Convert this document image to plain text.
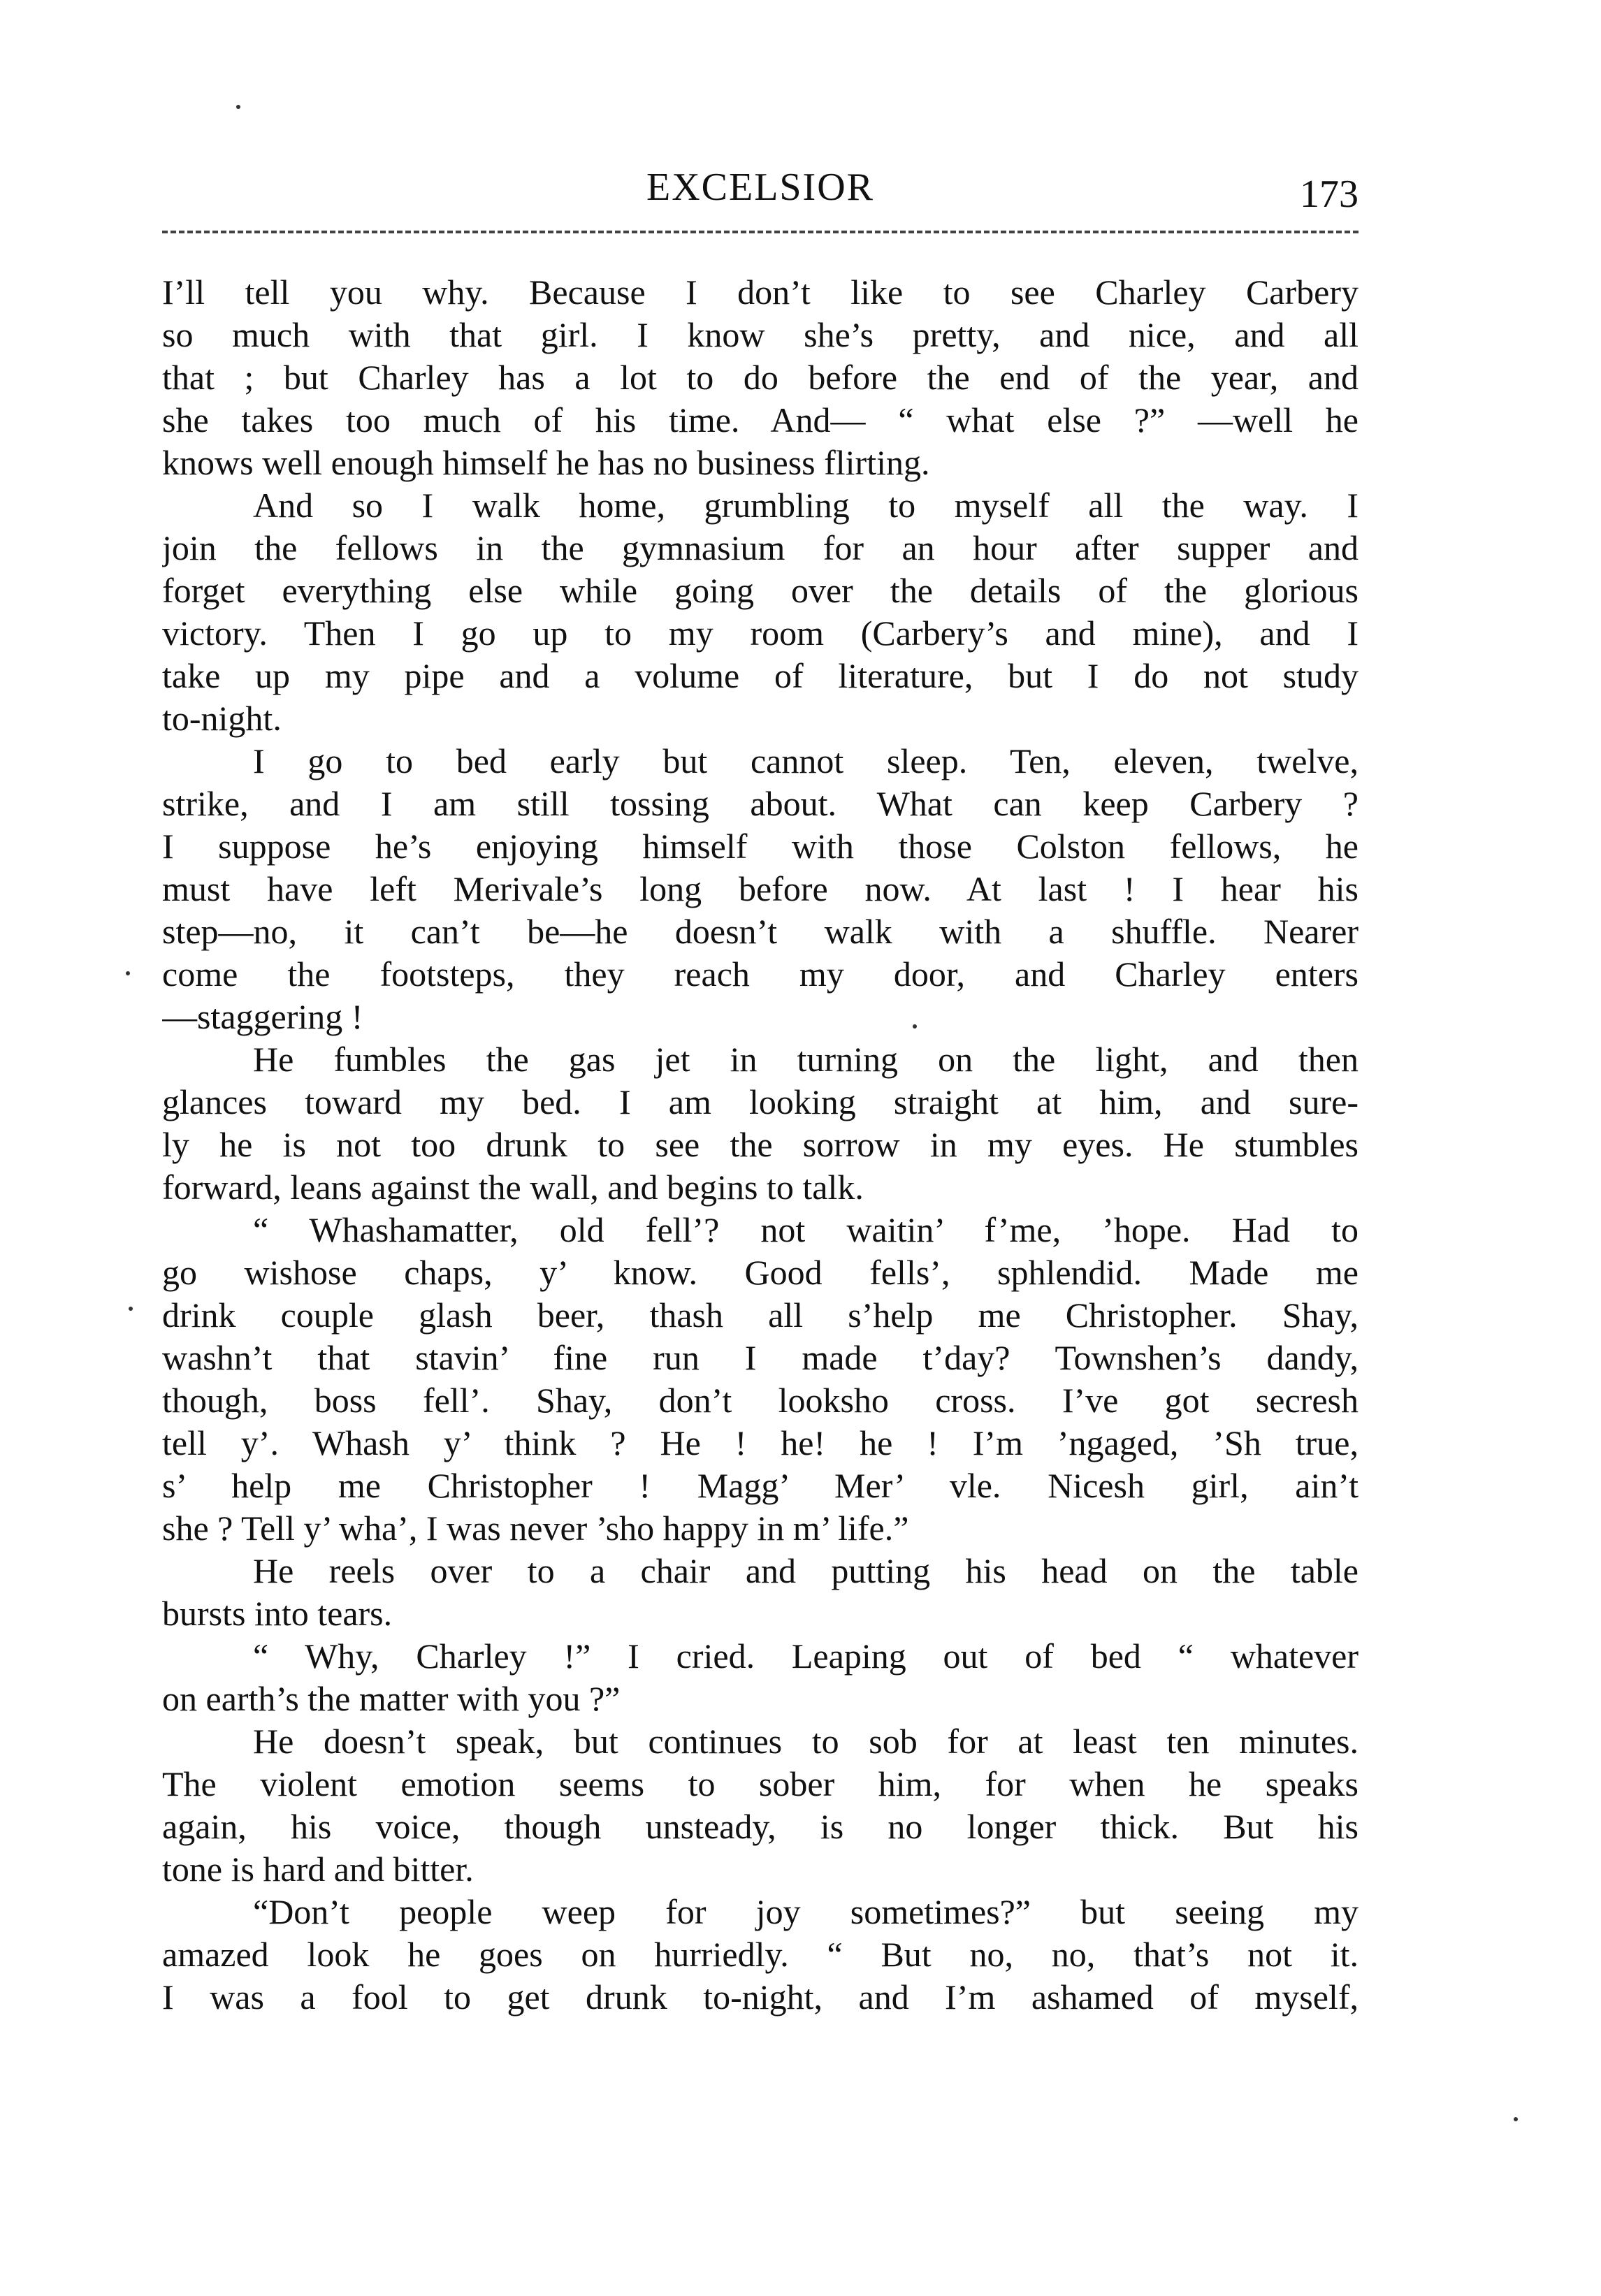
EXCELSIOR	173
I’ll tell you why. Because I don’t like to see Charley Carbery
so much with that girl. I know she’s pretty, and nice, and all
that ; but Charley has a lot to do before the end of the year, and
she takes too much of his time. And— “ what else ?” —well he
knows well enough himself he has no business flirting.
And so I walk home, grumbling to myself all the way. I
join the fellows in the gymnasium for an hour after supper and
forget everything else while going over the details of the glorious
victory. Then I go up to my room (Carbery’s and mine), and I
take up my pipe and a volume of literature, but I do not study
to-night.
I go to bed early but cannot sleep. Ten, eleven, twelve,
strike, and I am still tossing about. What can keep Carbery ?
I suppose he’s enjoying himself with those Colston fellows, he
must have left Merivale’s long before now. At last ! I hear his
step—no, it can’t be—he doesn’t walk with a shuffle. Nearer
come the footsteps, they reach my door, and Charley enters
—staggering !
He fumbles the gas jet in turning on the light, and then
glances toward my bed. I am looking straight at him, and sure-
ly he is not too drunk to see the sorrow in my eyes. He stumbles
forward, leans against the wall, and begins to talk.
“ Whashamatter, old fell’? not waitin’ f’me, ’hope. Had to
go wishose chaps, y’ know. Good fells’, sphlendid. Made me
drink couple glash beer, thash all s’help me Christopher. Shay,
washn’t that stavin’ fine run I made t’day? Townshen’s dandy,
though, boss fell’. Shay, don’t looksho cross. I’ve got secresh
tell y’. Whash y’ think ? He ! he! he ! I’m ’ngaged, ’Sh true,
s’ help me Christopher ! Magg’ Mer’ vle. Nicesh girl, ain’t
she ? Tell y’ wha’, I was never ’sho happy in m’ life.”
He reels over to a chair and putting his head on the table
bursts into tears.
“ Why, Charley !” I cried. Leaping out of bed “ whatever
on earth’s the matter with you ?”
He doesn’t speak, but continues to sob for at least ten minutes.
The violent emotion seems to sober him, for when he speaks
again, his voice, though unsteady, is no longer thick. But his
tone is hard and bitter.
“Don’t people weep for joy sometimes?” but seeing my
amazed look he goes on hurriedly. “ But no, no, that’s not it.
I was a fool to get drunk to-night, and I’m ashamed of myself,
